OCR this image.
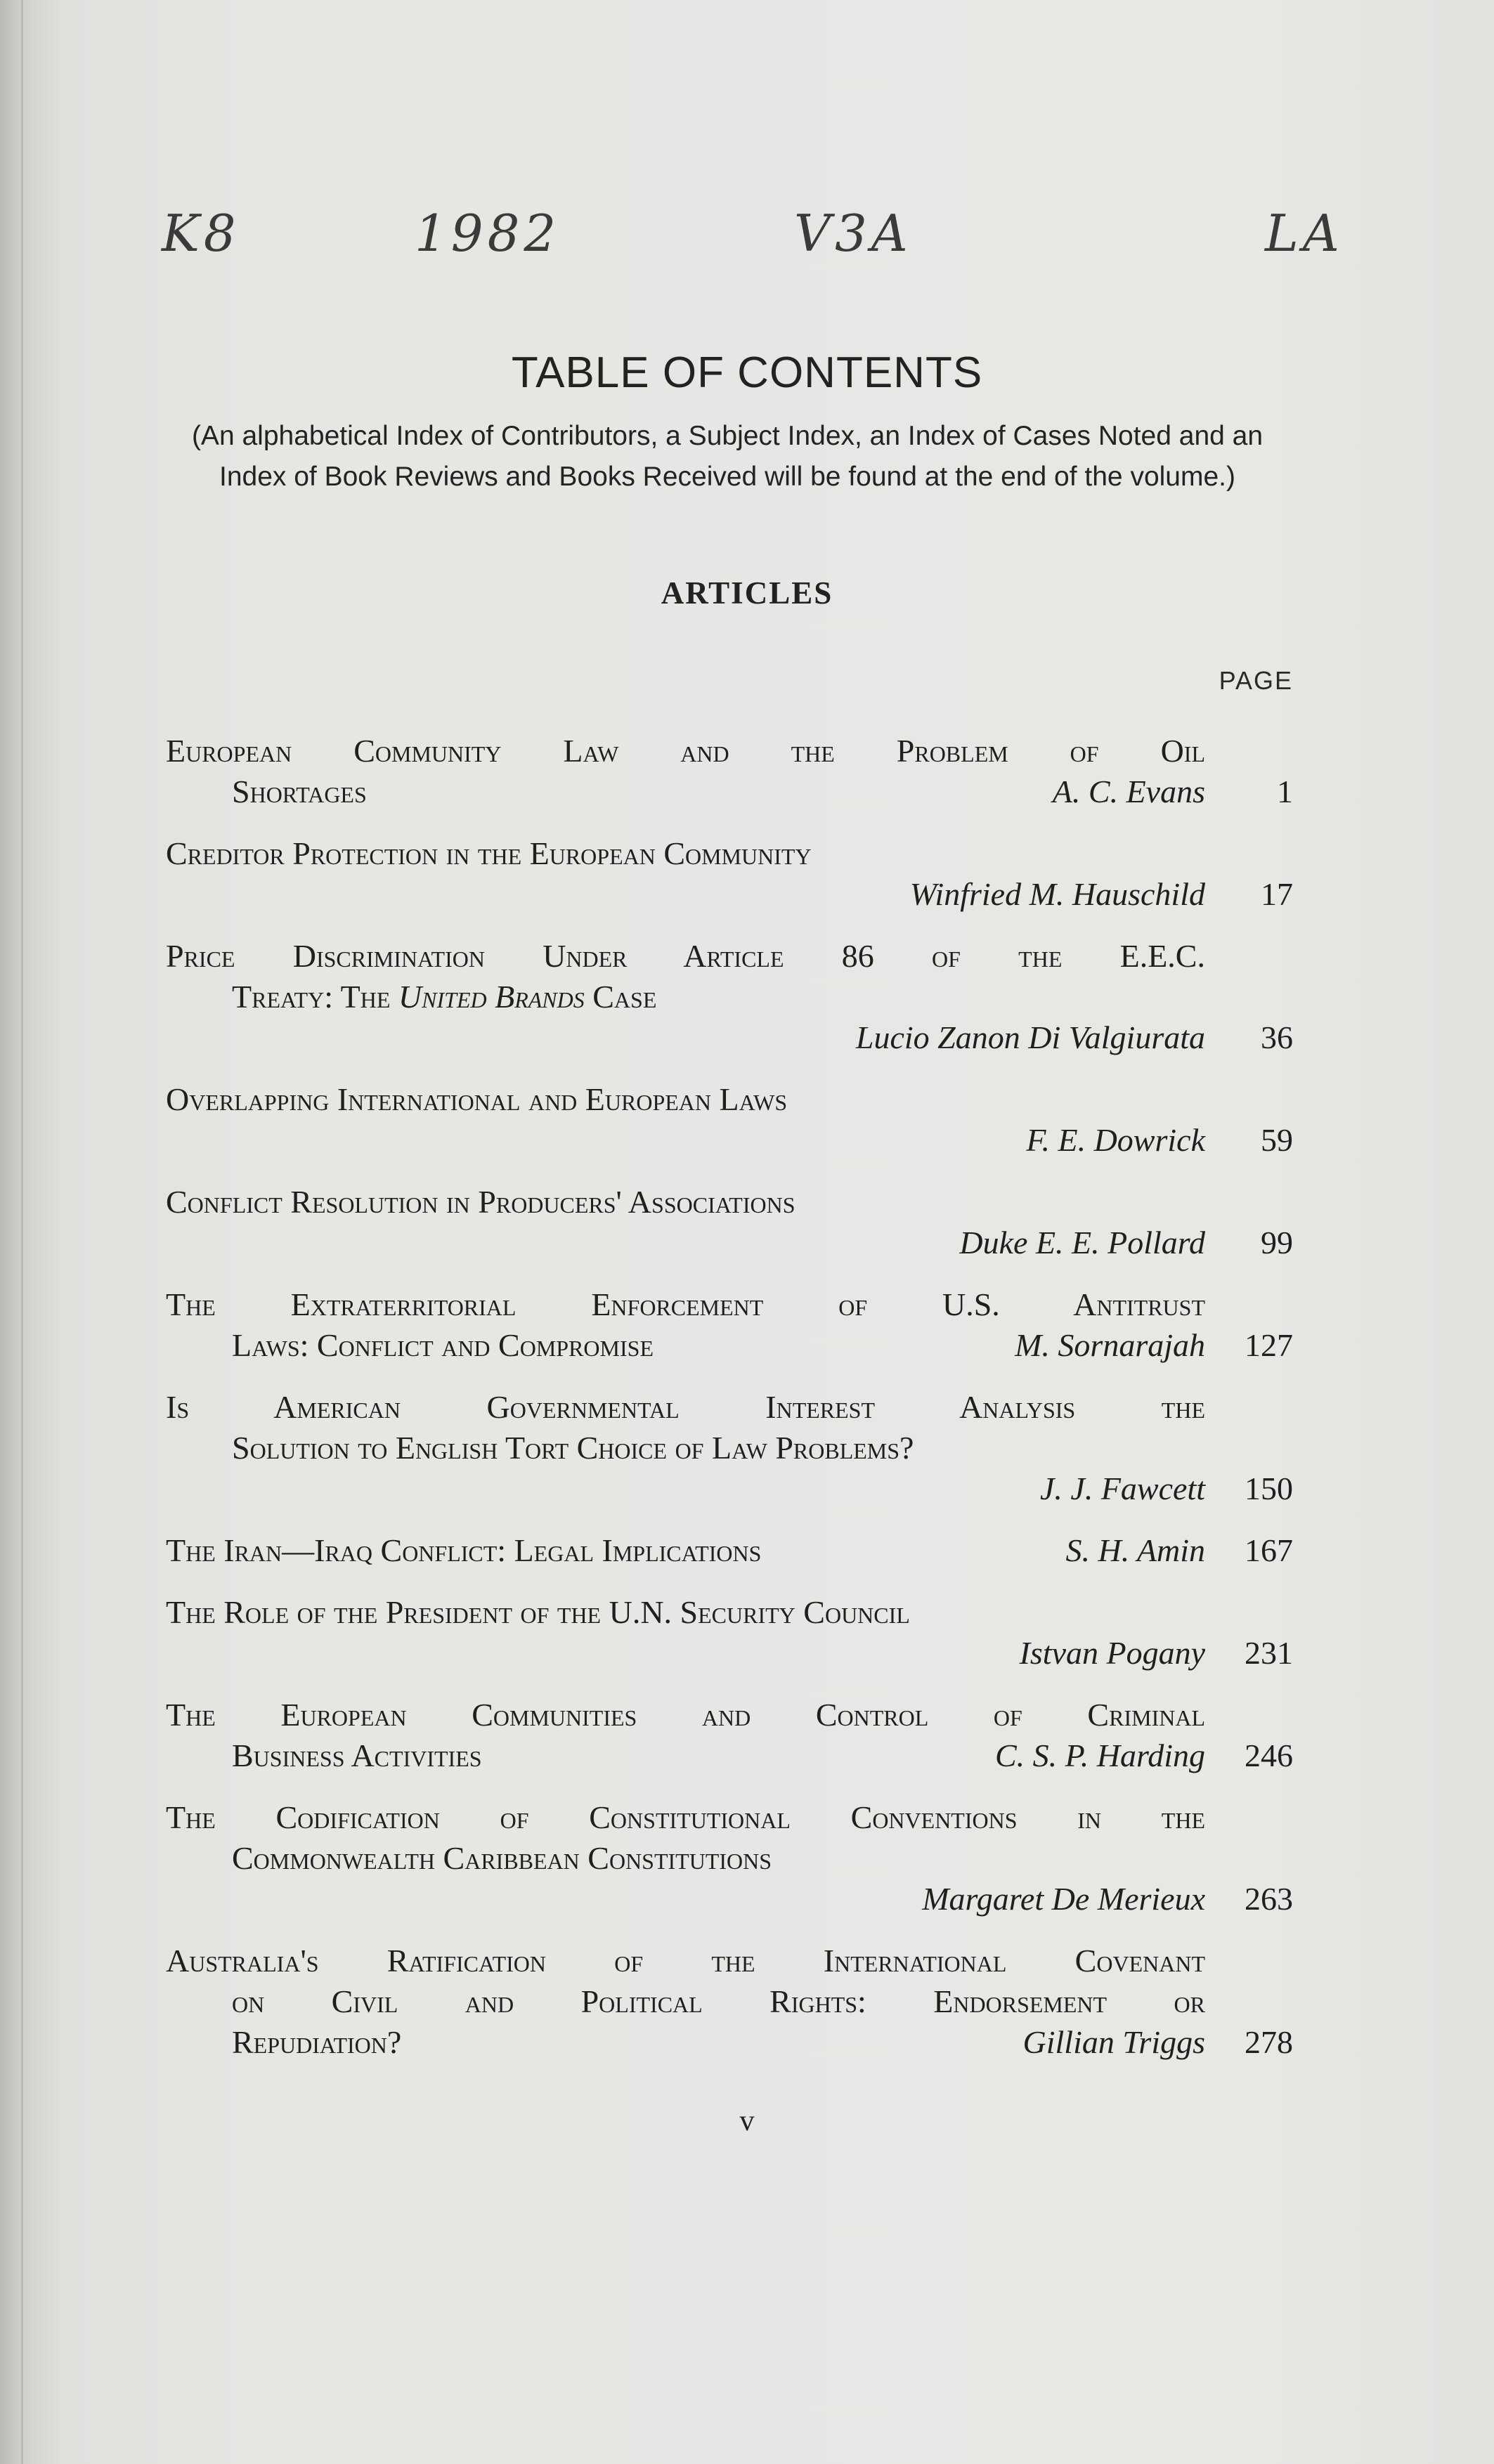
K8	1982	V3A	LA
TABLE OF CONTENTS
(An alphabetical Index of Contributors, a Subject Index, an Index of Cases Noted and an Index of Book Reviews and Books Received will be found at the end of the volume.)
ARTICLES
PAGE
European Community Law and the Problem of Oil
Shortages	A. C. Evans	1
Creditor Protection in the European Community
Winfried M. Hauschild	17
Price Discrimination Under Article 86 of the E.E.C.
Treaty: The United Brands Case
Lucio Zanon Di Valgiurata	36
Overlapping International and European Laws
F. E. Dowrick	59
Conflict Resolution in Producers' Associations
Duke E. E. Pollard	99
The Extraterritorial Enforcement of U.S. Antitrust
Laws: Conflict and Compromise	M. Sornarajah	127
Is American Governmental Interest Analysis the
Solution to English Tort Choice of Law Problems?
J. J. Fawcett	150
The Iran—Iraq Conflict: Legal Implications	S. H. Amin	167
The Role of the President of the U.N. Security Council
Istvan Pogany	231
The European Communities and Control of Criminal
Business Activities	C. S. P. Harding	246
The Codification of Constitutional Conventions in the
Commonwealth Caribbean Constitutions
Margaret De Merieux	263
Australia's Ratification of the International Covenant
on Civil and Political Rights: Endorsement or
Repudiation?	Gillian Triggs	278
v
